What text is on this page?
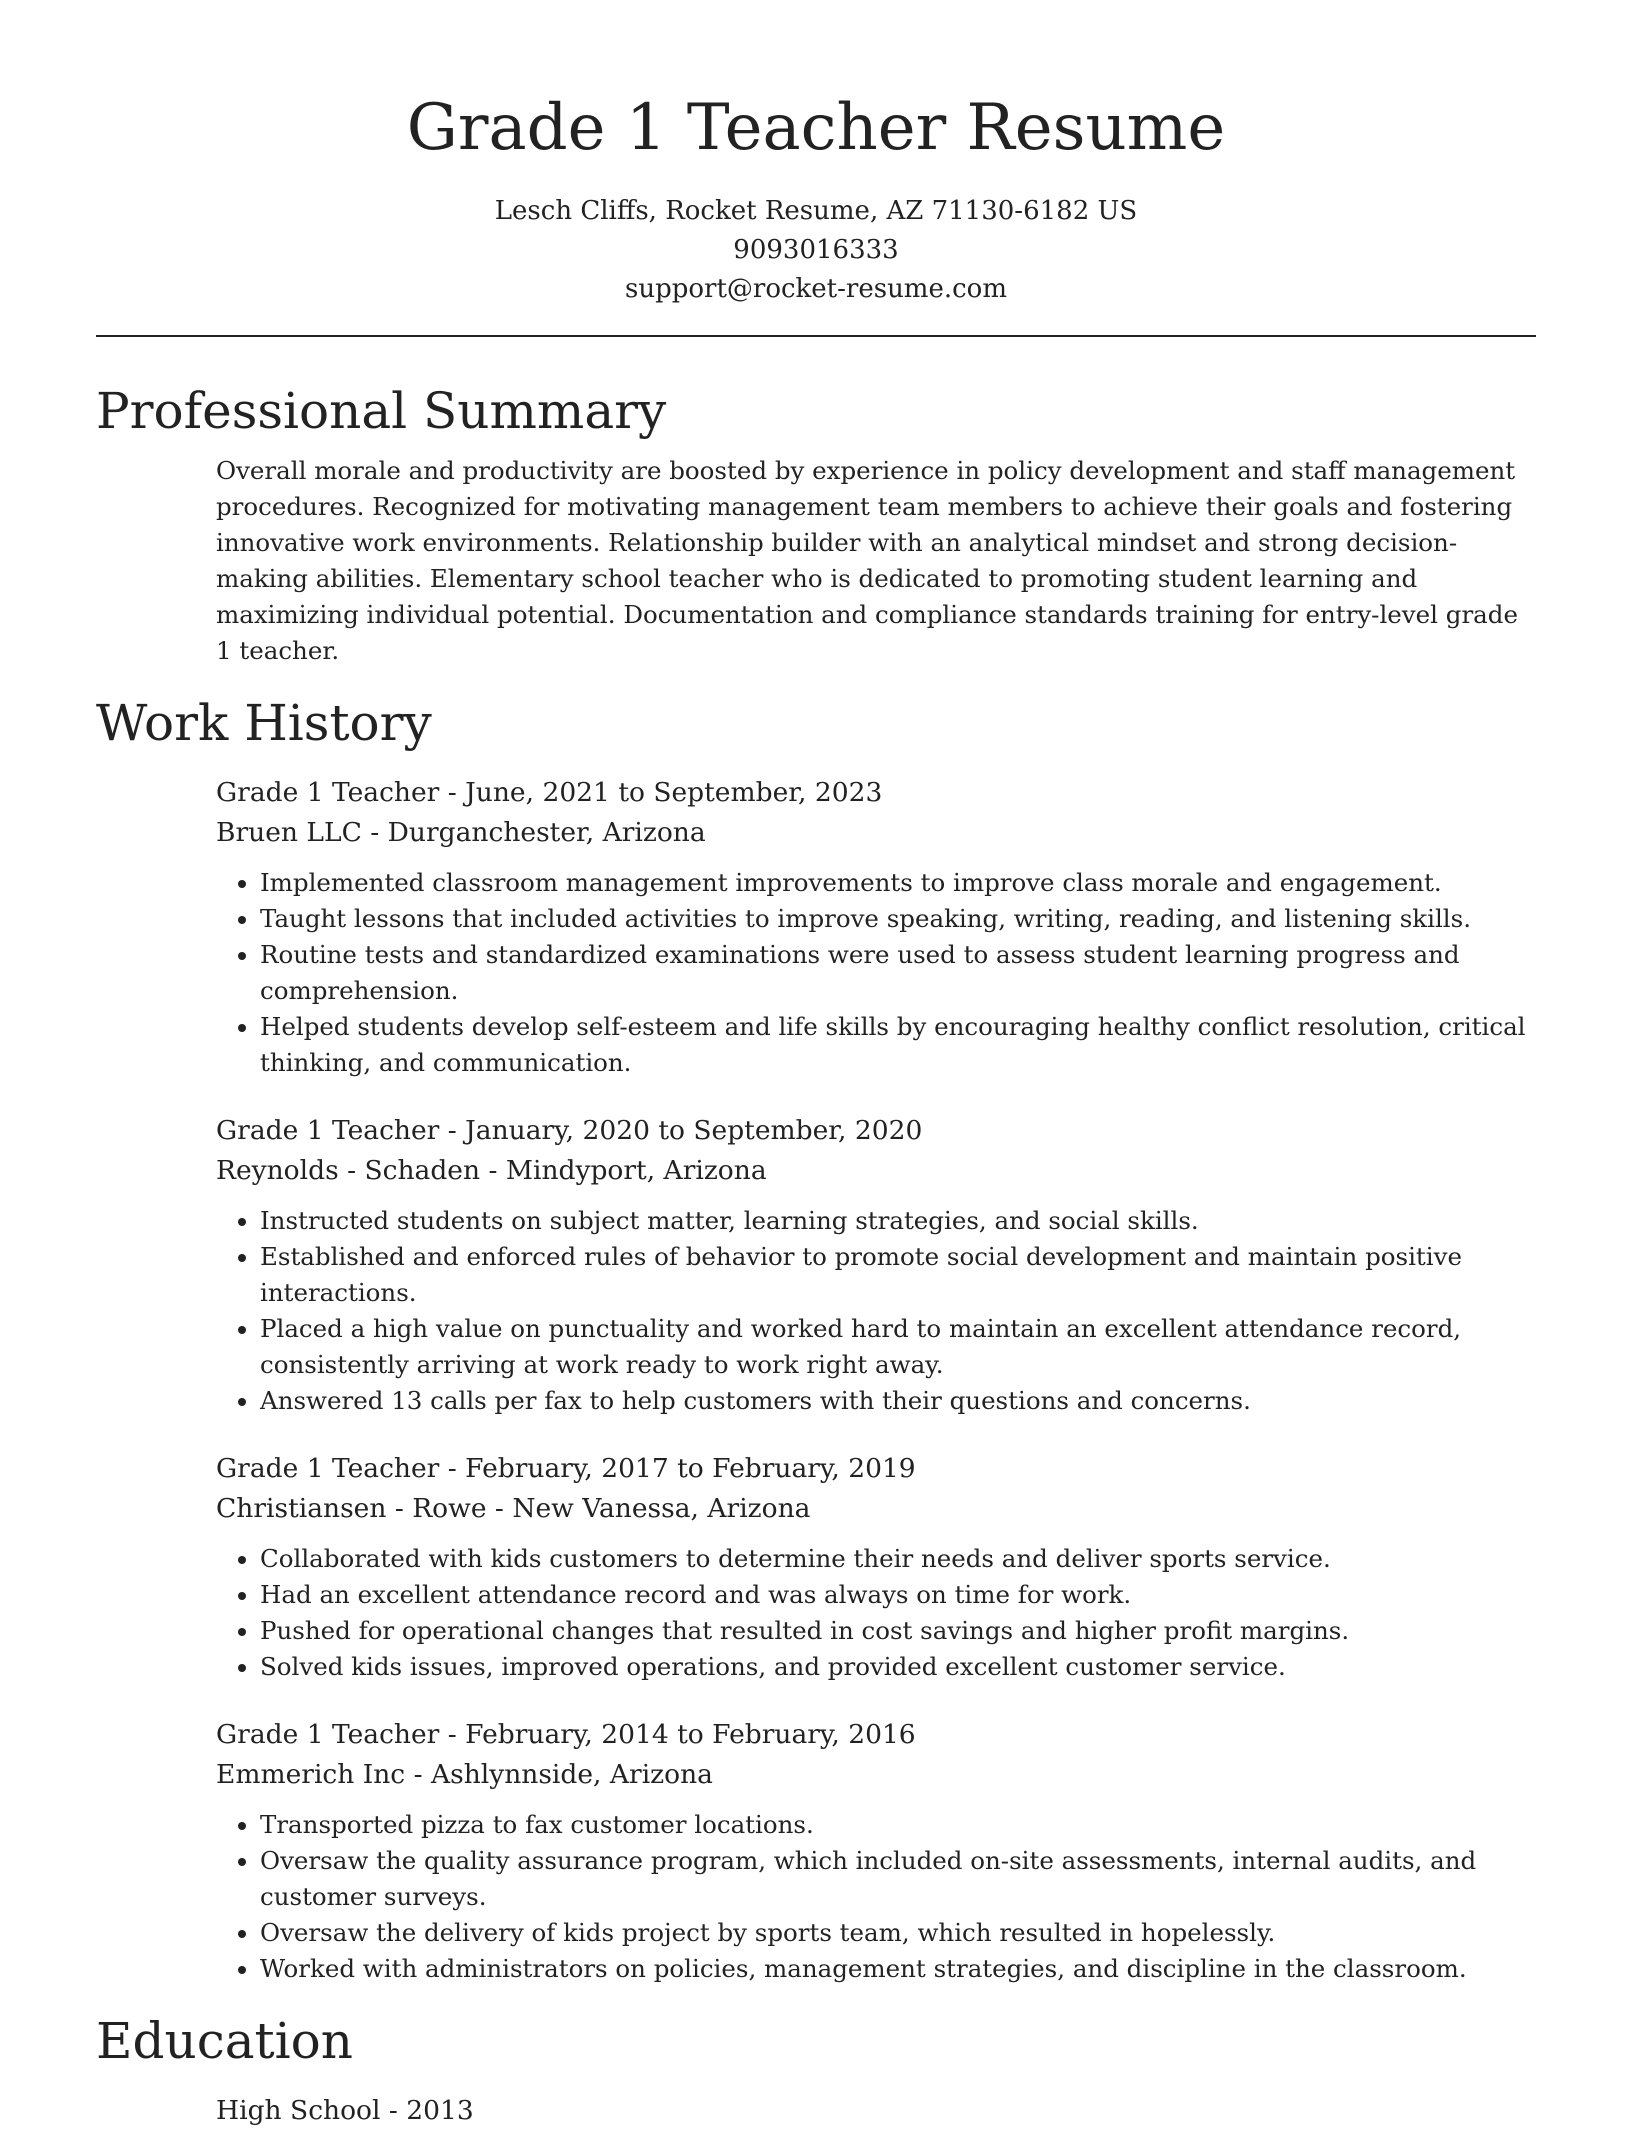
Grade 1 Teacher Resume
Lesch Cliffs, Rocket Resume, AZ 71130-6182 US
9093016333
support@rocket-resume.com
Professional Summary

Overall morale and productivity are boosted by experience in policy development and staff management procedures. Recognized for motivating management team members to achieve their goals and fostering innovative work environments. Relationship builder with an analytical mindset and strong decision-making abilities. Elementary school teacher who is dedicated to promoting student learning and maximizing individual potential. Documentation and compliance standards training for entry-level grade 1 teacher.

Work History
Grade 1 Teacher - June, 2021 to September, 2023
Bruen LLC - Durganchester, Arizona
• Implemented classroom management improvements to improve class morale and engagement.
• Taught lessons that included activities to improve speaking, writing, reading, and listening skills.
• Routine tests and standardized examinations were used to assess student learning progress and comprehension.
• Helped students develop self-esteem and life skills by encouraging healthy conflict resolution, critical thinking, and communication.
Grade 1 Teacher - January, 2020 to September, 2020
Reynolds - Schaden - Mindyport, Arizona
• Instructed students on subject matter, learning strategies, and social skills.
• Established and enforced rules of behavior to promote social development and maintain positive interactions.
• Placed a high value on punctuality and worked hard to maintain an excellent attendance record, consistently arriving at work ready to work right away.
• Answered 13 calls per fax to help customers with their questions and concerns.
Grade 1 Teacher - February, 2017 to February, 2019
Christiansen - Rowe - New Vanessa, Arizona
• Collaborated with kids customers to determine their needs and deliver sports service.
• Had an excellent attendance record and was always on time for work.
• Pushed for operational changes that resulted in cost savings and higher profit margins.
• Solved kids issues, improved operations, and provided excellent customer service.
Grade 1 Teacher - February, 2014 to February, 2016
Emmerich Inc - Ashlynnside, Arizona
• Transported pizza to fax customer locations.
• Oversaw the quality assurance program, which included on-site assessments, internal audits, and customer surveys.
• Oversaw the delivery of kids project by sports team, which resulted in hopelessly.
• Worked with administrators on policies, management strategies, and discipline in the classroom.
Education
High School - 2013
